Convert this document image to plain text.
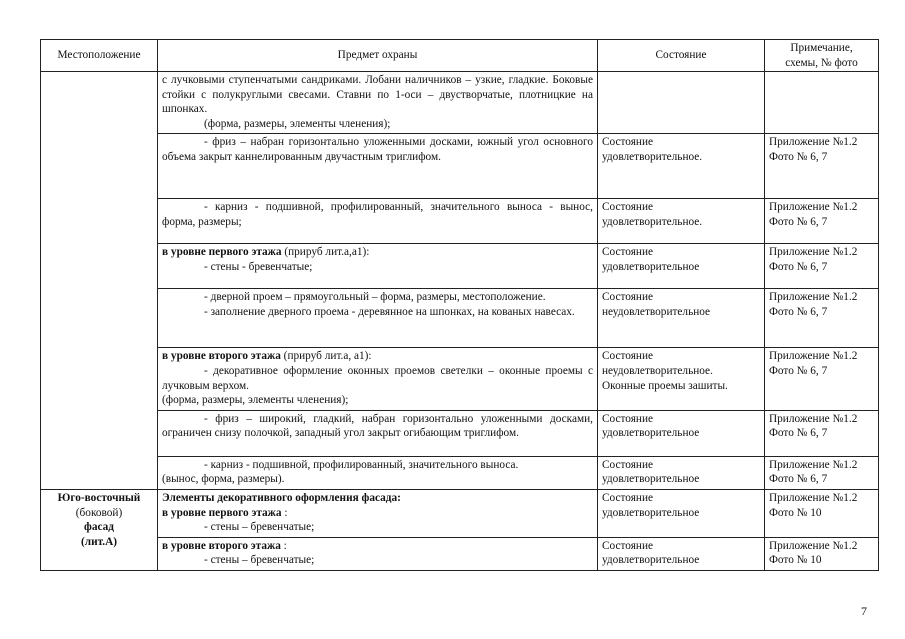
Местоположение	Предмет охраны	Состояние	Примечание,
схемы, № фото

	с лучковыми ступенчатыми сандриками. Лобани наличников – узкие, гладкие. Боковые стойки с полукруглыми свесами. Ставни по 1-оси – двустворчатые, плотницкие на шпонках.
(форма, размеры, элементы членения);		

	- фриз – набран горизонтально уложенными досками, южный угол основного объема закрыт каннелированным двучастным триглифом.	Состояние
удовлетворительное.	Приложение №1.2
Фото № 6, 7

	- карниз - подшивной, профилированный, значительного выноса - вынос, форма, размеры;	Состояние
удовлетворительное.	Приложение №1.2
Фото № 6, 7

	в уровне первого этажа (прируб лит.а,а1):
- стены - бревенчатые;	Состояние
удовлетворительное	Приложение №1.2
Фото № 6, 7

	- дверной проем – прямоугольный – форма, размеры, местоположение.
- заполнение дверного проема - деревянное на шпонках, на кованых навесах.	Состояние
неудовлетворительное	Приложение №1.2
Фото № 6, 7

	в уровне второго этажа (прируб лит.а, а1):
- декоративное оформление оконных проемов светелки – оконные проемы с лучковым верхом.
(форма, размеры, элементы членения);	Состояние
неудовлетворительное.
Оконные проемы зашиты.	Приложение №1.2
Фото № 6, 7

	- фриз – широкий, гладкий, набран горизонтально уложенными досками, ограничен снизу полочкой, западный угол закрыт огибающим триглифом.	Состояние
удовлетворительное	Приложение №1.2
Фото № 6, 7

	- карниз - подшивной, профилированный, значительного выноса.
(вынос, форма, размеры).	Состояние
удовлетворительное	Приложение №1.2
Фото № 6, 7

Юго-восточный
(боковой)
фасад
(лит.А)	Элементы декоративного оформления фасада:
в уровне первого этажа :
- стены – бревенчатые;	Состояние
удовлетворительное	Приложение №1.2
Фото № 10

	в уровне второго этажа :
- стены – бревенчатые;	Состояние
удовлетворительное	Приложение №1.2
Фото № 10
7
